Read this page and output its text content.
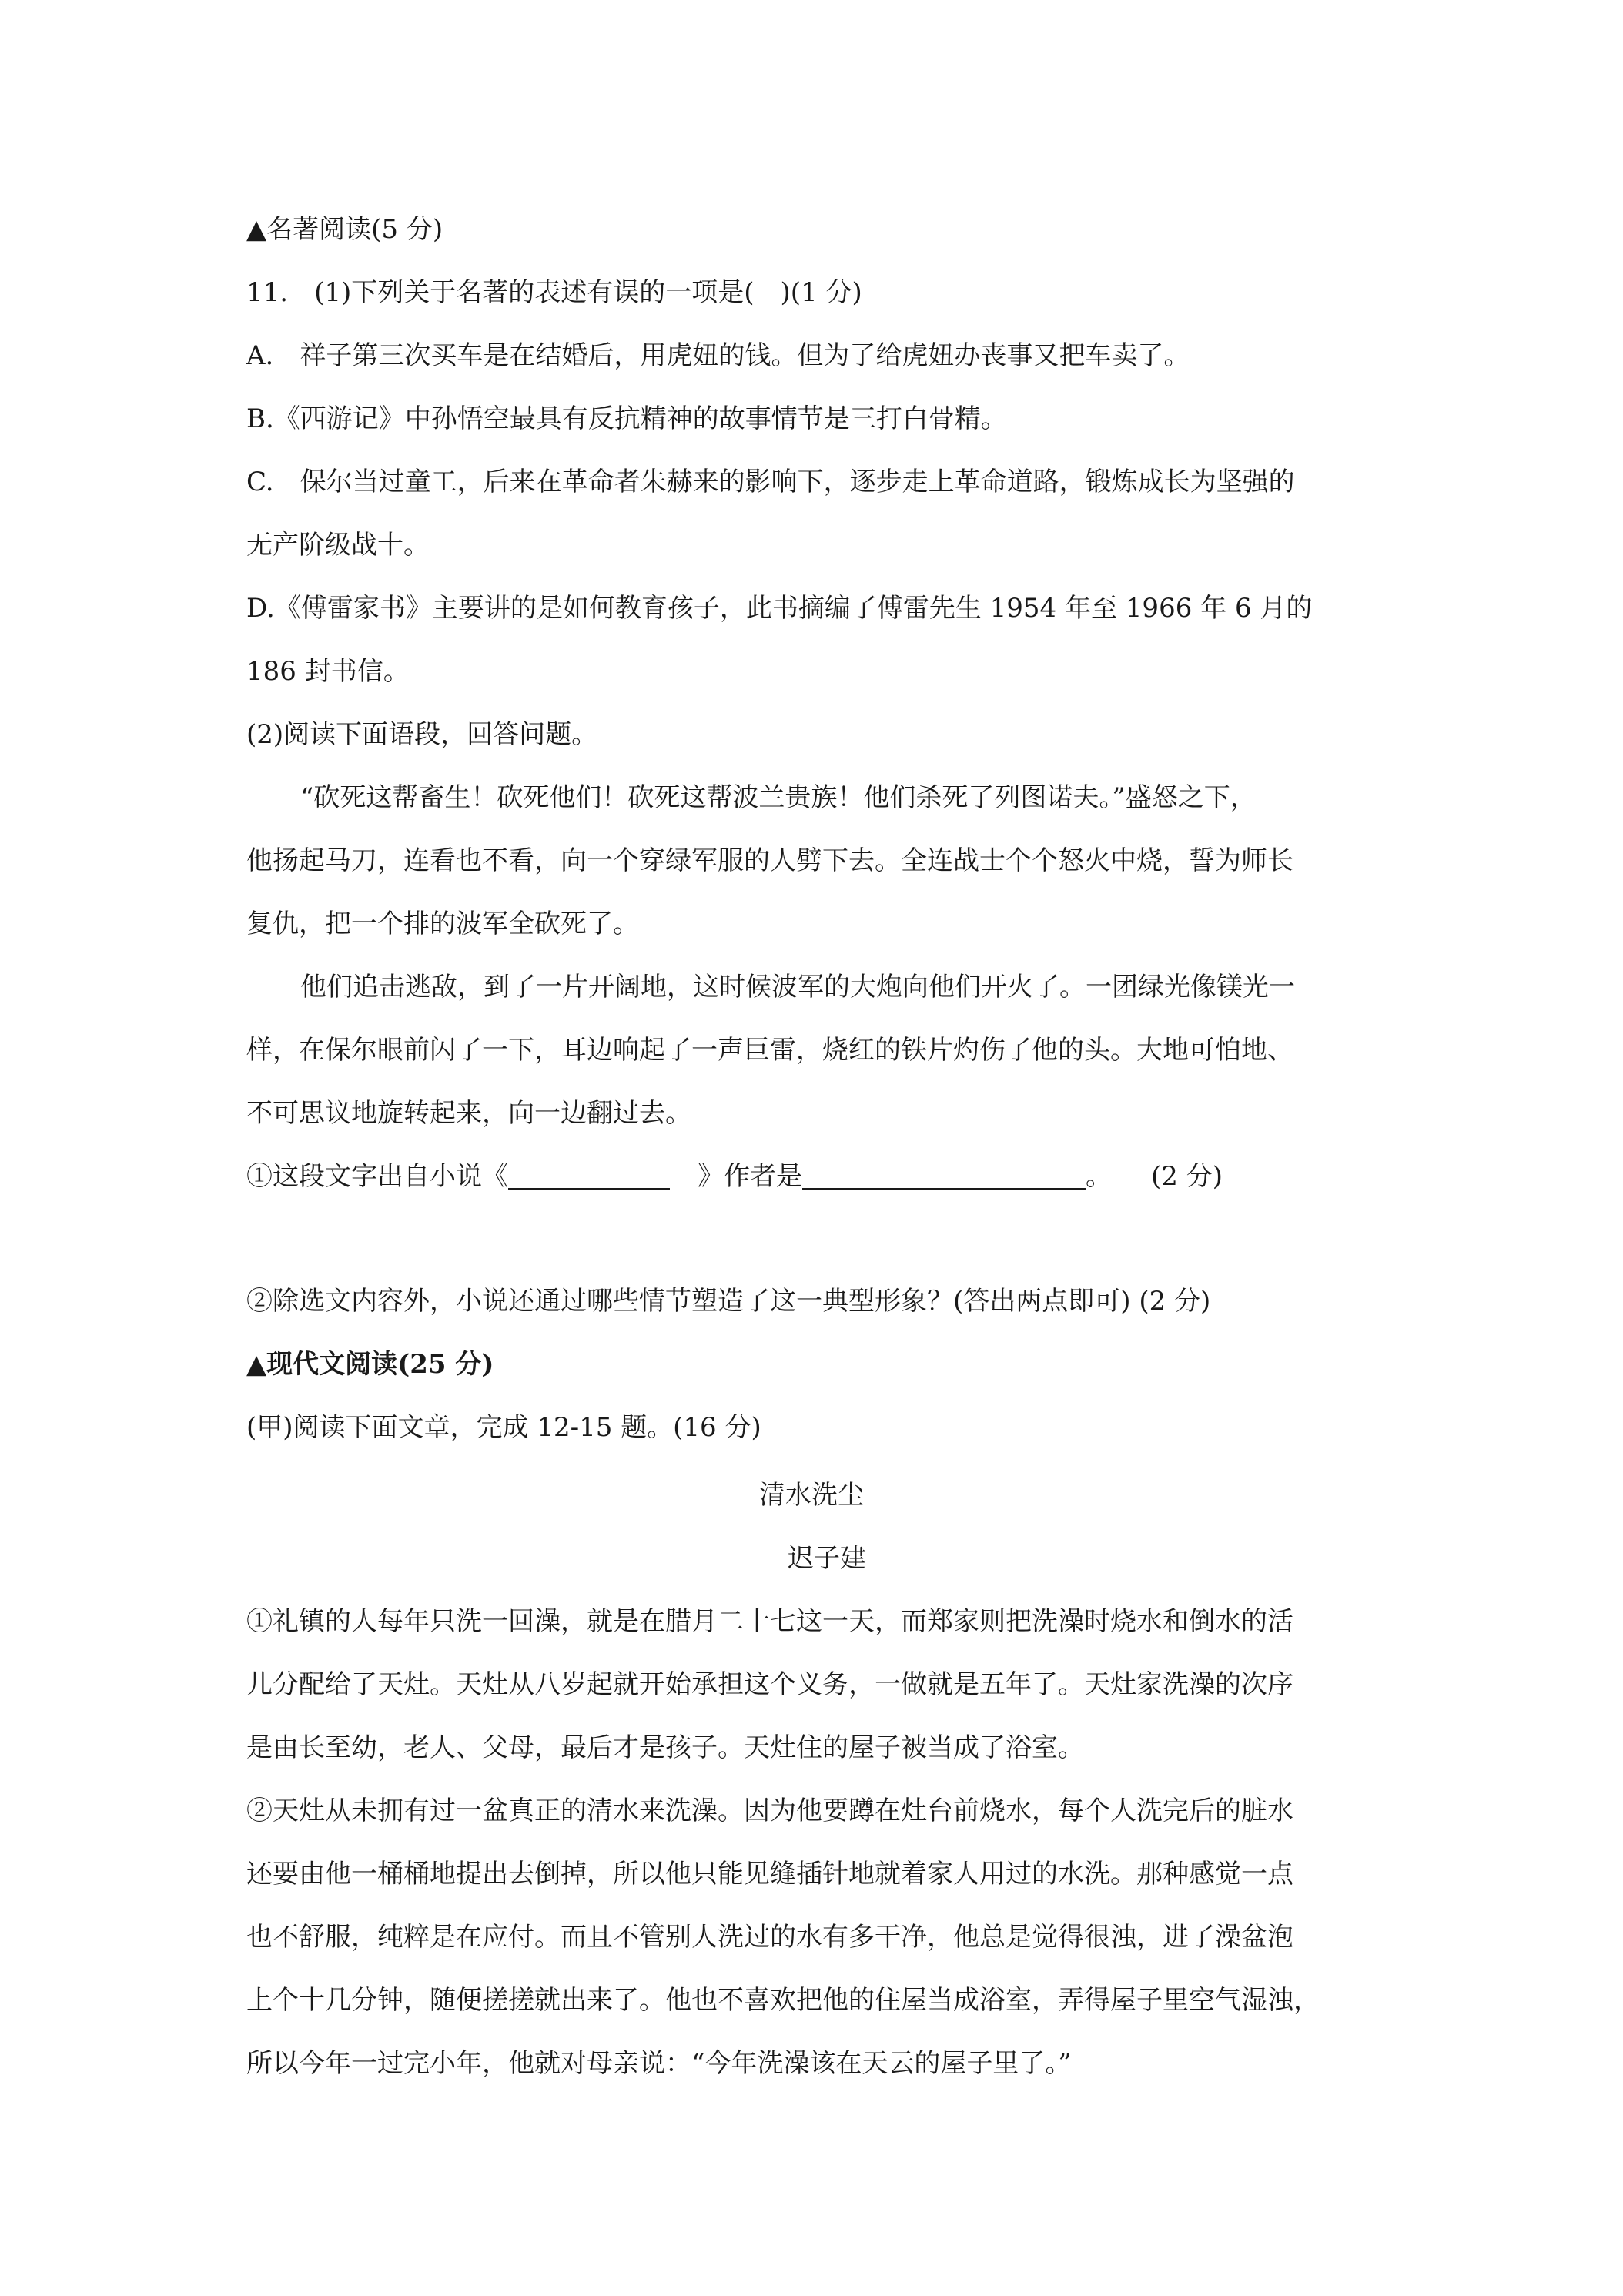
▲名著阅读(5 分)
11.　(1)下列关于名著的表述有误的一项是(　)(1 分)
A.　祥子第三次买车是在结婚后，用虎妞的钱。但为了给虎妞办丧事又把车卖了。
B.《西游记》中孙悟空最具有反抗精神的故事情节是三打白骨精。
C.　保尔当过童工，后来在革命者朱赫来的影响下，逐步走上革命道路，锻炼成长为坚强的
无产阶级战十。
D.《傅雷家书》主要讲的是如何教育孩子，此书摘编了傅雷先生 1954 年至 1966 年 6 月的
186 封书信。
(2)阅读下面语段，回答问题。
“砍死这帮畜生！砍死他们！砍死这帮波兰贵族！他们杀死了列图诺夫。”盛怒之下，
他扬起马刀，连看也不看，向一个穿绿军服的人劈下去。全连战士个个怒火中烧，誓为师长
复仇，把一个排的波军全砍死了。
他们追击逃敌，到了一片开阔地，这时候波军的大炮向他们开火了。一团绿光像镁光一
样，在保尔眼前闪了一下，耳边响起了一声巨雷，烧红的铁片灼伤了他的头。大地可怕地、
不可思议地旋转起来，向一边翻过去。
①这段文字出自小说《	》作者是	。　　(2 分)
②除选文内容外，小说还通过哪些情节塑造了这一典型形象？(答出两点即可) (2 分)
▲现代文阅读(25 分)
(甲)阅读下面文章，完成 12-15 题。(16 分)
清水洗尘
迟子建
①礼镇的人每年只洗一回澡，就是在腊月二十七这一天，而郑家则把洗澡时烧水和倒水的活
儿分配给了天灶。天灶从八岁起就开始承担这个义务，一做就是五年了。天灶家洗澡的次序
是由长至幼，老人、父母，最后才是孩子。天灶住的屋子被当成了浴室。
②天灶从未拥有过一盆真正的清水来洗澡。因为他要蹲在灶台前烧水，每个人洗完后的脏水
还要由他一桶桶地提出去倒掉，所以他只能见缝插针地就着家人用过的水洗。那种感觉一点
也不舒服，纯粹是在应付。而且不管别人洗过的水有多干净，他总是觉得很浊，进了澡盆泡
上个十几分钟，随便搓搓就出来了。他也不喜欢把他的住屋当成浴室，弄得屋子里空气湿浊，
所以今年一过完小年，他就对母亲说：“今年洗澡该在天云的屋子里了。”
